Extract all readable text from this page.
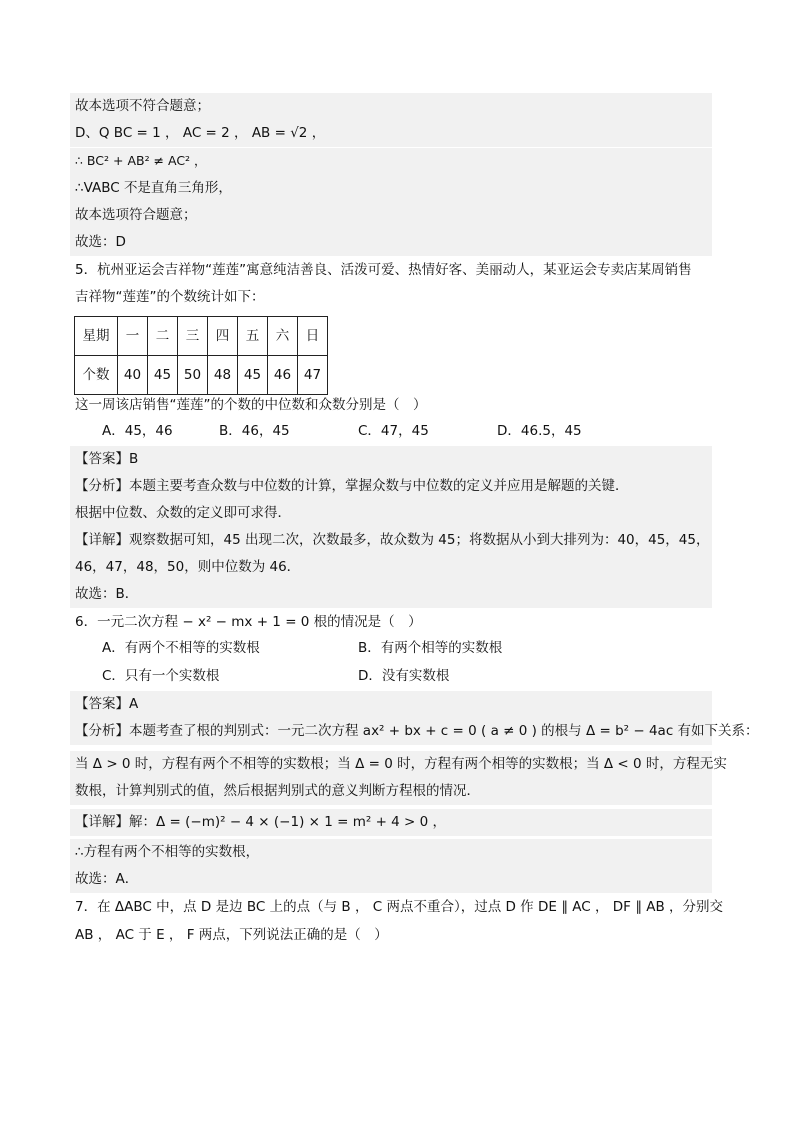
故本选项不符合题意；
D、Q BC = 1 ， AC = 2 ， AB = √2 ，
∴ BC² + AB² ≠ AC² ，
∴VABC 不是直角三角形，
故本选项符合题意；
故选：D
5．杭州亚运会吉祥物“莲莲”寓意纯洁善良、活泼可爱、热情好客、美丽动人，某亚运会专卖店某周销售
吉祥物“莲莲”的个数统计如下：
星期	一	二	三	四	五	六	日
个数	40	45	50	48	45	46	47
这一周该店销售“莲莲”的个数的中位数和众数分别是（　）
A．45，46	B．46，45	C．47，45	D．46.5，45
【答案】B
【分析】本题主要考查众数与中位数的计算，掌握众数与中位数的定义并应用是解题的关键．
根据中位数、众数的定义即可求得．
【详解】观察数据可知，45 出现二次，次数最多，故众数为 45；将数据从小到大排列为：40，45，45，
46，47，48，50，则中位数为 46．
故选：B．
6．一元二次方程 − x² − mx + 1 = 0 根的情况是（　）
A．有两个不相等的实数根	B．有两个相等的实数根
C．只有一个实数根	D．没有实数根
【答案】A
【分析】本题考查了根的判别式：一元二次方程 ax² + bx + c = 0 ( a ≠ 0 ) 的根与 Δ = b² − 4ac 有如下关系：
当 Δ > 0 时，方程有两个不相等的实数根；当 Δ = 0 时，方程有两个相等的实数根；当 Δ < 0 时，方程无实
数根，计算判别式的值，然后根据判别式的意义判断方程根的情况．
【详解】解：Δ = (−m)² − 4 × (−1) × 1 = m² + 4 > 0 ，
∴方程有两个不相等的实数根，
故选：A．
7．在 ΔABC 中，点 D 是边 BC 上的点（与 B ， C 两点不重合），过点 D 作 DE ∥ AC ， DF ∥ AB ，分别交
AB ， AC 于 E ， F 两点，下列说法正确的是（　）
